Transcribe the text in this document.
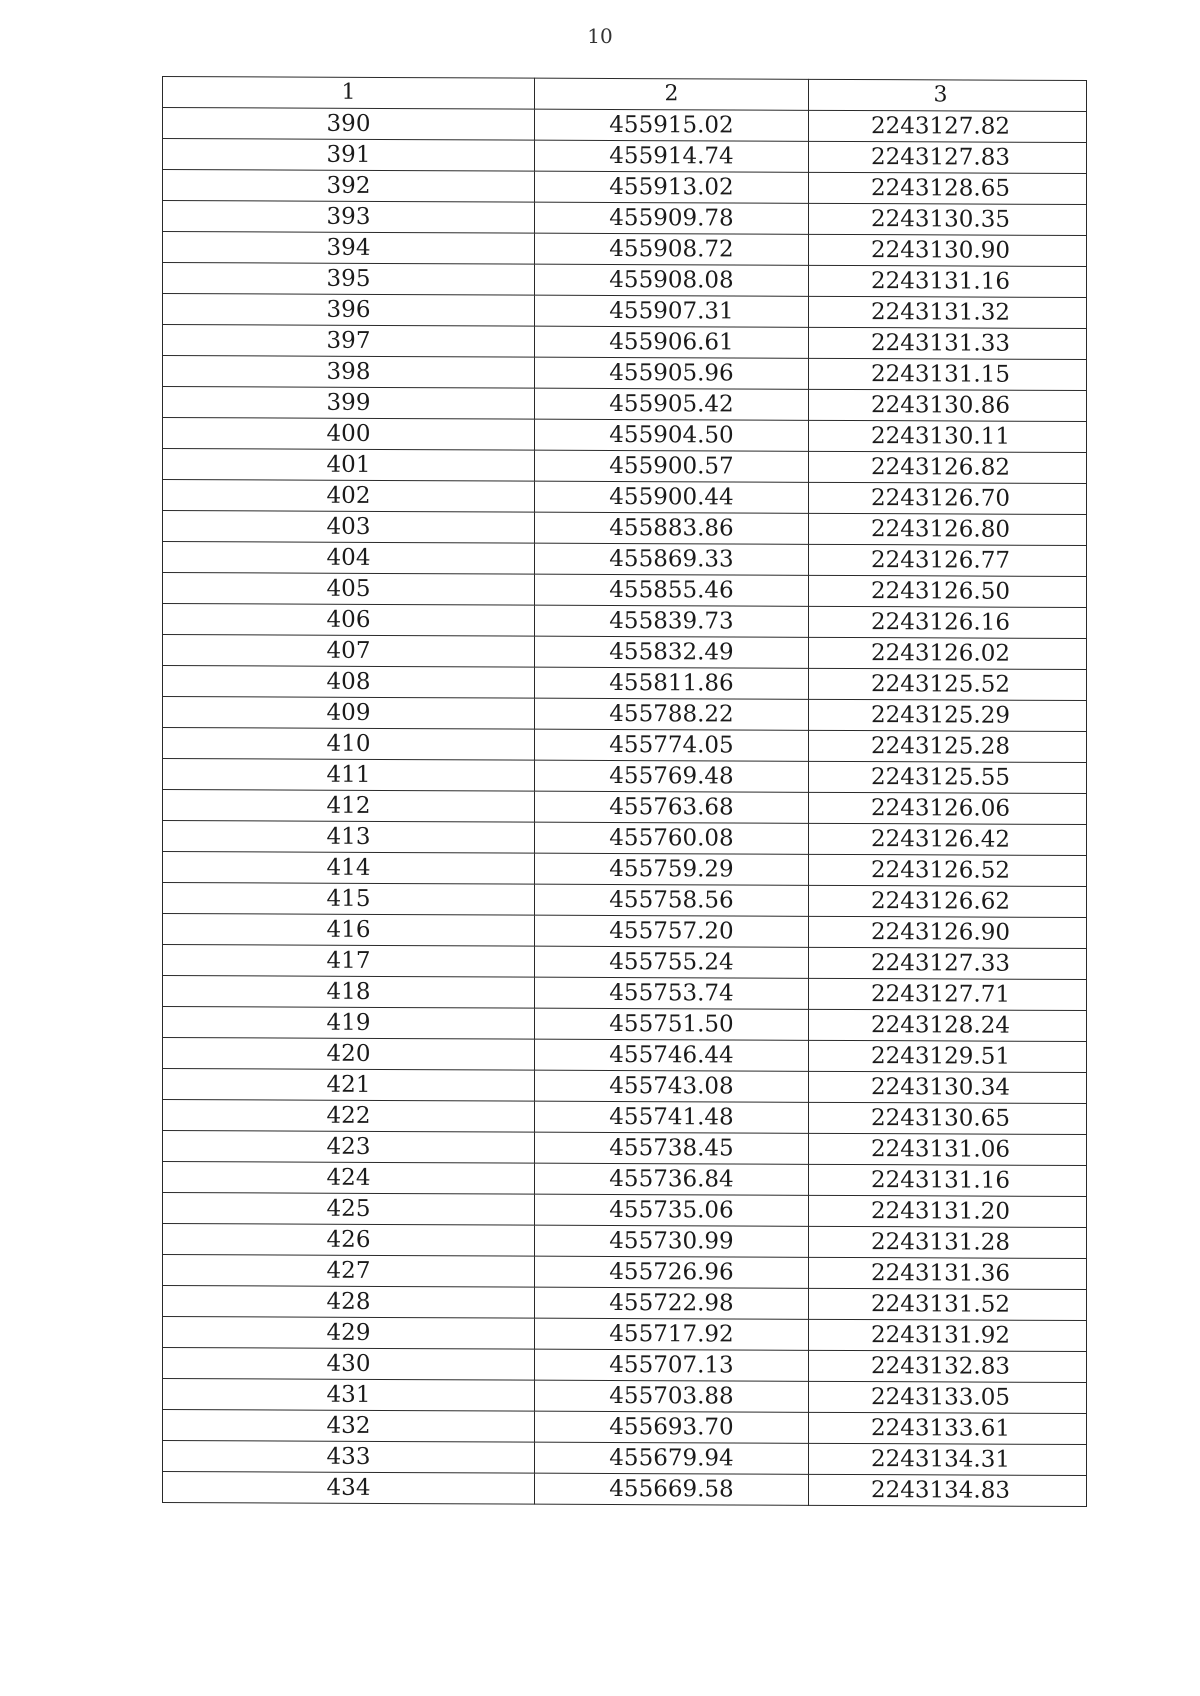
10
1	2	3
390	455915.02	2243127.82
391	455914.74	2243127.83
392	455913.02	2243128.65
393	455909.78	2243130.35
394	455908.72	2243130.90
395	455908.08	2243131.16
396	455907.31	2243131.32
397	455906.61	2243131.33
398	455905.96	2243131.15
399	455905.42	2243130.86
400	455904.50	2243130.11
401	455900.57	2243126.82
402	455900.44	2243126.70
403	455883.86	2243126.80
404	455869.33	2243126.77
405	455855.46	2243126.50
406	455839.73	2243126.16
407	455832.49	2243126.02
408	455811.86	2243125.52
409	455788.22	2243125.29
410	455774.05	2243125.28
411	455769.48	2243125.55
412	455763.68	2243126.06
413	455760.08	2243126.42
414	455759.29	2243126.52
415	455758.56	2243126.62
416	455757.20	2243126.90
417	455755.24	2243127.33
418	455753.74	2243127.71
419	455751.50	2243128.24
420	455746.44	2243129.51
421	455743.08	2243130.34
422	455741.48	2243130.65
423	455738.45	2243131.06
424	455736.84	2243131.16
425	455735.06	2243131.20
426	455730.99	2243131.28
427	455726.96	2243131.36
428	455722.98	2243131.52
429	455717.92	2243131.92
430	455707.13	2243132.83
431	455703.88	2243133.05
432	455693.70	2243133.61
433	455679.94	2243134.31
434	455669.58	2243134.83
